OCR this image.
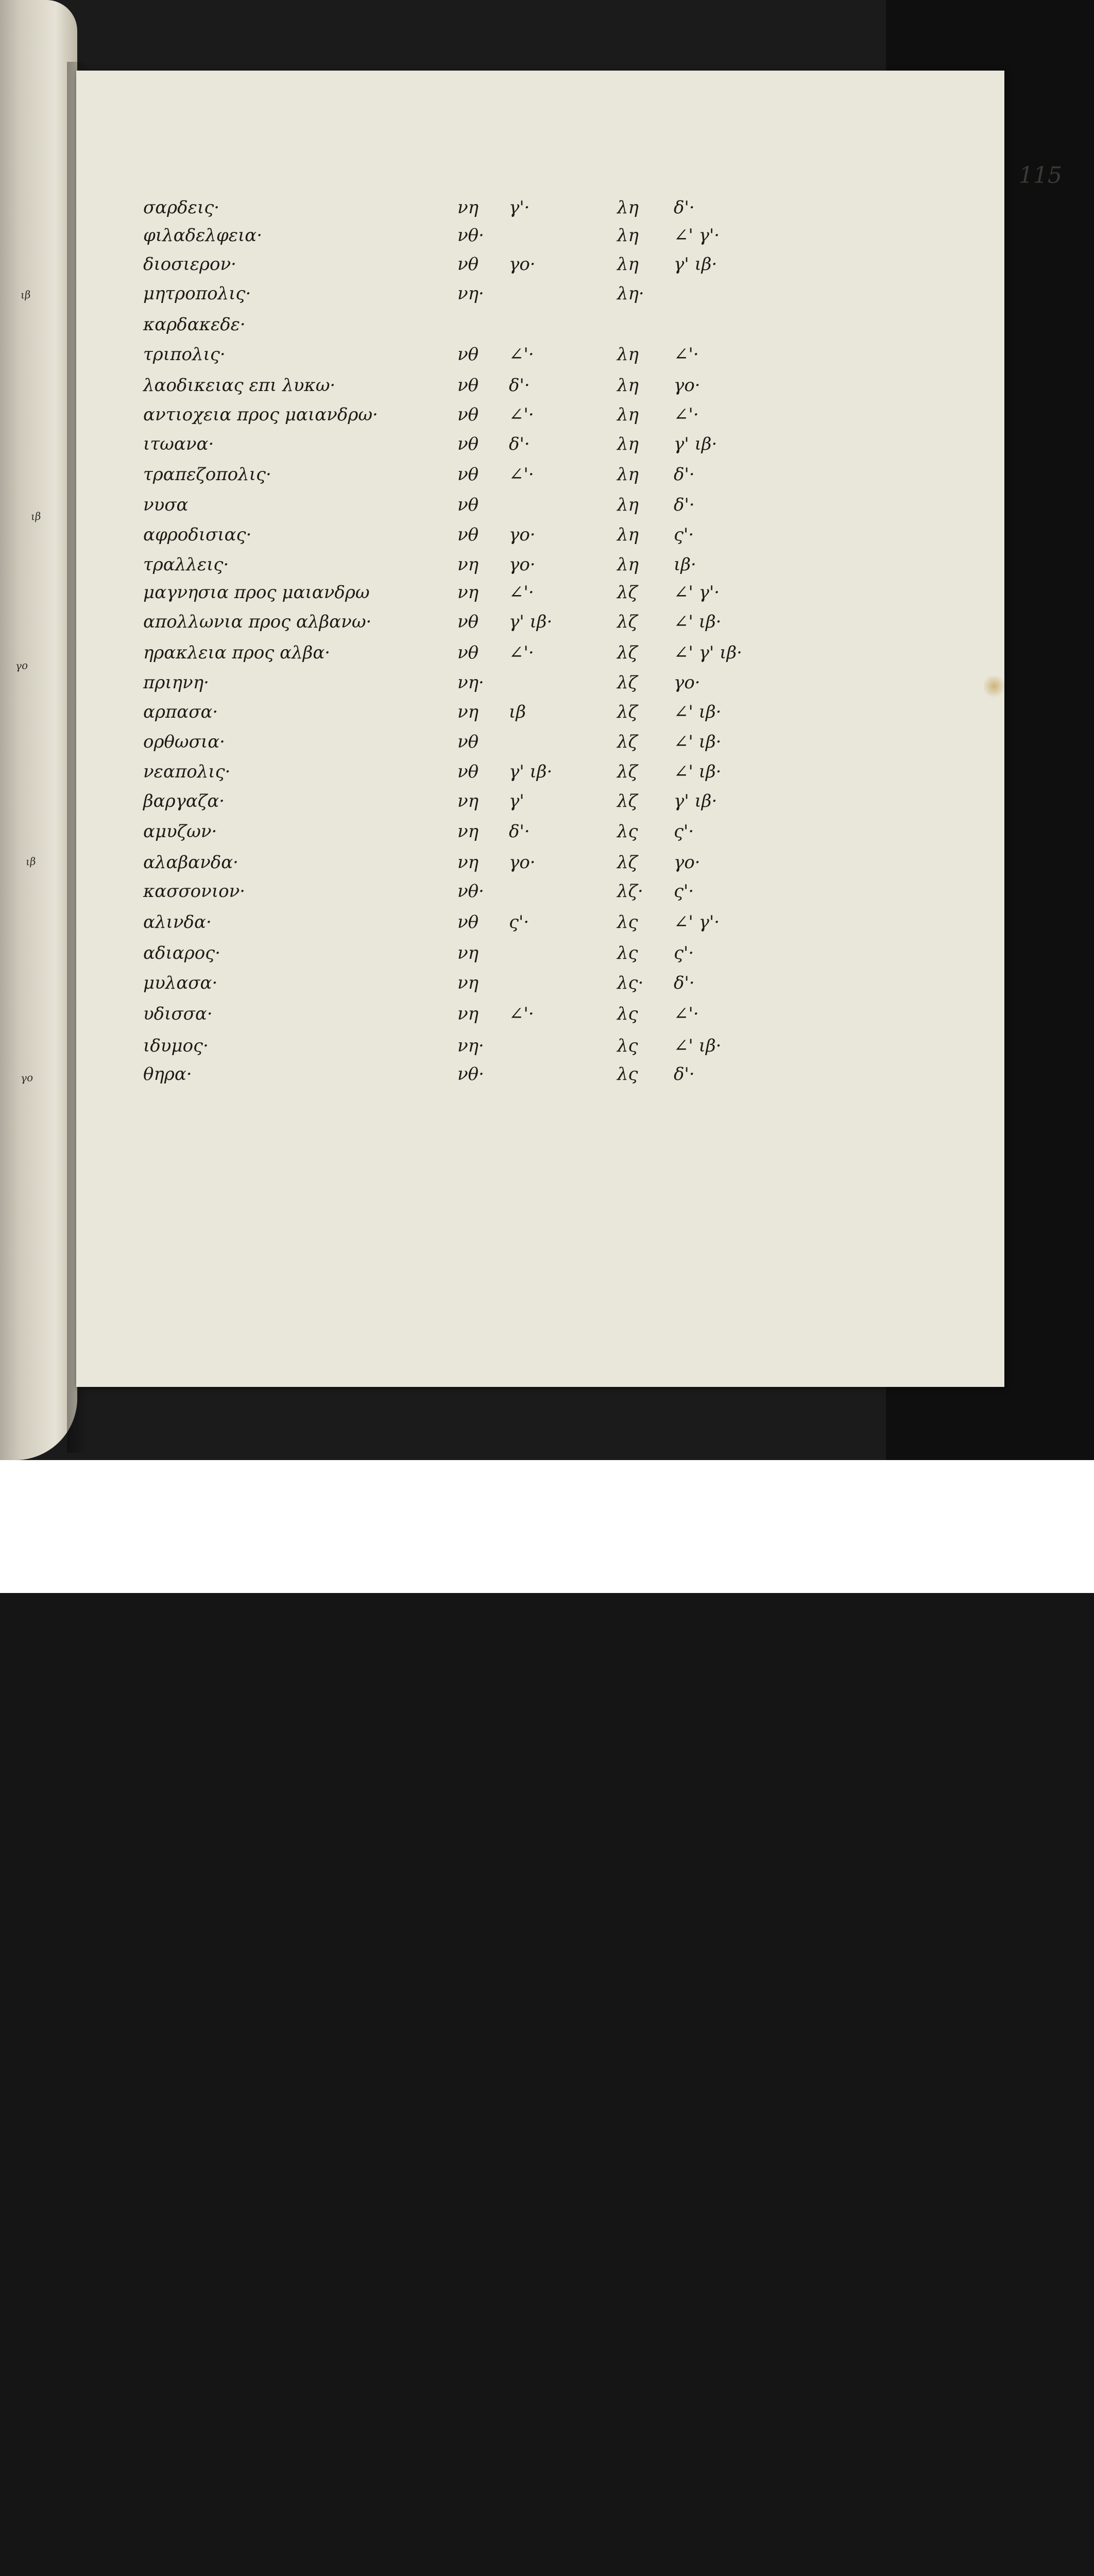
ιβ
ιβ
γο
ιβ
γο
115
σαρδεις·	νη γ'·	λη δ'·
φιλαδελφεια·	νθ·	λη ∠' γ'·
διοσιερον·	νθ γο·	λη γ' ιβ·
μητροπολις·	νη·	λη·
καρδακεδε·
τριπολις·	νθ ∠'·	λη ∠'·
λαοδικειας επι λυκω·	νθ δ'·	λη γο·
αντιοχεια προς μαιανδρω·	νθ ∠'·	λη ∠'·
ιτωανα·	νθ δ'·	λη γ' ιβ·
τραπεζοπολις·	νθ ∠'·	λη δ'·
νυσα	νθ	λη δ'·
αφροδισιας·	νθ γο·	λη ς'·
τραλλεις·	νη γο·	λη ιβ·
μαγνησια προς μαιανδρω	νη ∠'·	λζ ∠' γ'·
απολλωνια προς αλβανω·	νθ γ' ιβ·	λζ ∠' ιβ·
ηρακλεια προς αλβα·	νθ ∠'·	λζ ∠' γ' ιβ·
πριηνη·	νη·	λζ γο·
αρπασα·	νη ιβ	λζ ∠' ιβ·
ορθωσια·	νθ	λζ ∠' ιβ·
νεαπολις·	νθ γ' ιβ·	λζ ∠' ιβ·
βαργαζα·	νη γ'	λζ γ' ιβ·
αμυζων·	νη δ'·	λς ς'·
αλαβανδα·	νη γο·	λζ γο·
κασσονιον·	νθ·	λζ· ς'·
αλινδα·	νθ ς'·	λς ∠' γ'·
αδιαρος·	νη	λς ς'·
μυλασα·	νη	λς· δ'·
υδισσα·	νη ∠'·	λς ∠'·
ιδυμος·	νη·	λς ∠' ιβ·
θηρα·	νθ·	λς δ'·
